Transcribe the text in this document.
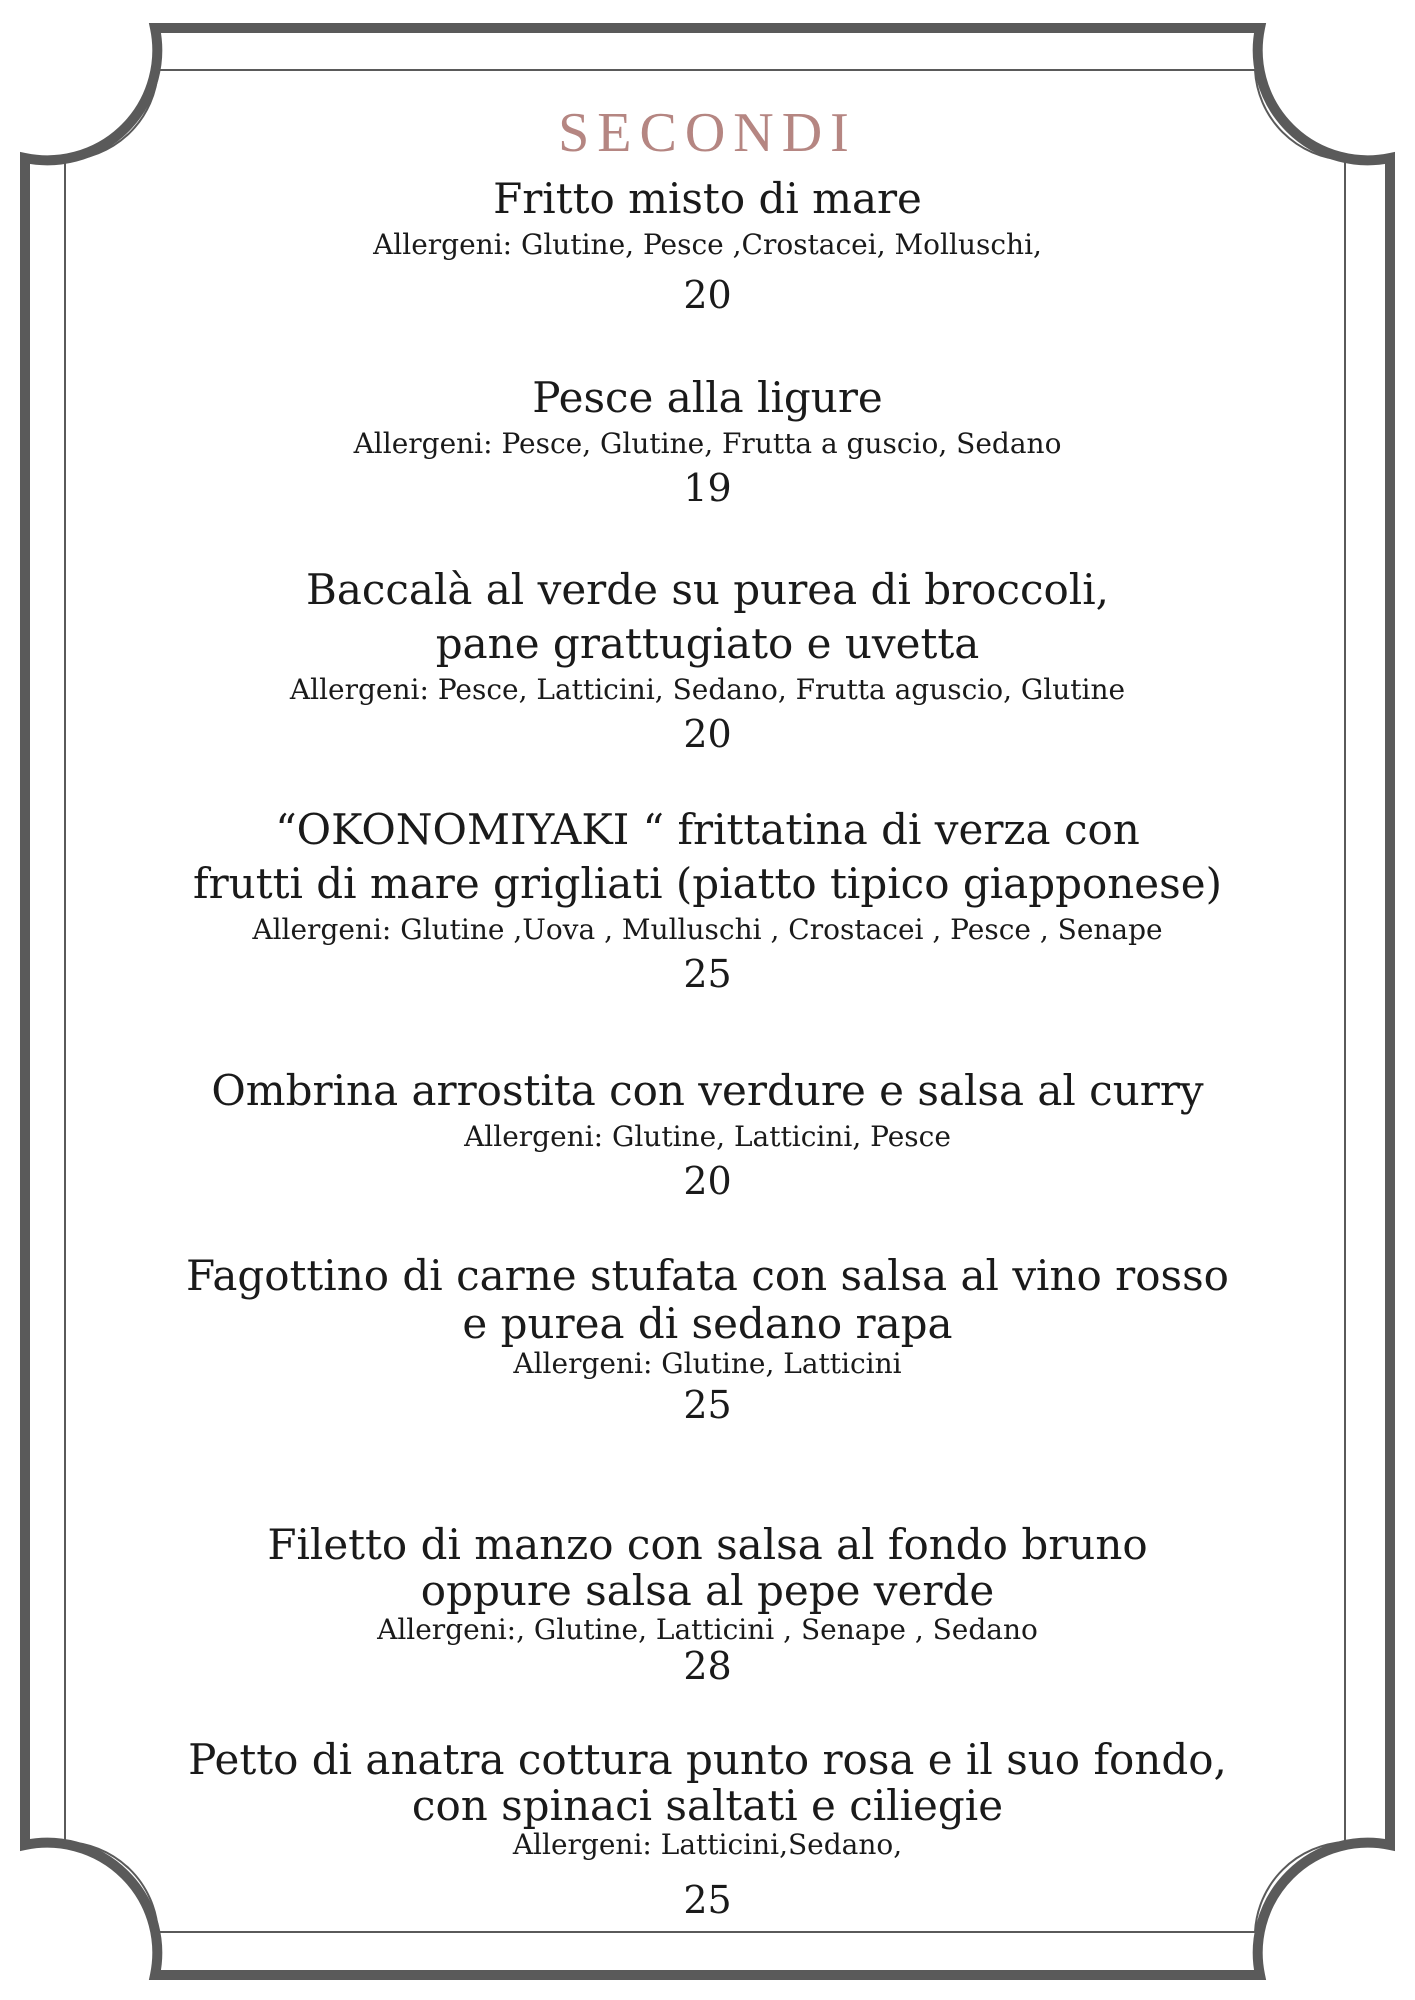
SECONDI

Fritto misto di mare

Allergeni: Glutine, Pesce ,Crostacei, Molluschi,

20

Pesce alla ligure

Allergeni: Pesce, Glutine, Frutta a guscio, Sedano

19

Baccalà al verde su purea di broccoli,

pane grattugiato e uvetta

Allergeni: Pesce, Latticini, Sedano, Frutta aguscio, Glutine

20

“OKONOMIYAKI “ frittatina di verza con

frutti di mare grigliati (piatto tipico giapponese)

Allergeni: Glutine ,Uova , Mulluschi , Crostacei , Pesce , Senape

25

Ombrina arrostita con verdure e salsa al curry

Allergeni: Glutine, Latticini, Pesce

20

Fagottino di carne stufata con salsa al vino rosso

e purea di sedano rapa

Allergeni: Glutine, Latticini

25

Filetto di manzo con salsa al fondo bruno

oppure salsa al pepe verde

Allergeni:, Glutine, Latticini , Senape , Sedano

28

Petto di anatra cottura punto rosa e il suo fondo,

con spinaci saltati e ciliegie

Allergeni: Latticini,Sedano,

25
